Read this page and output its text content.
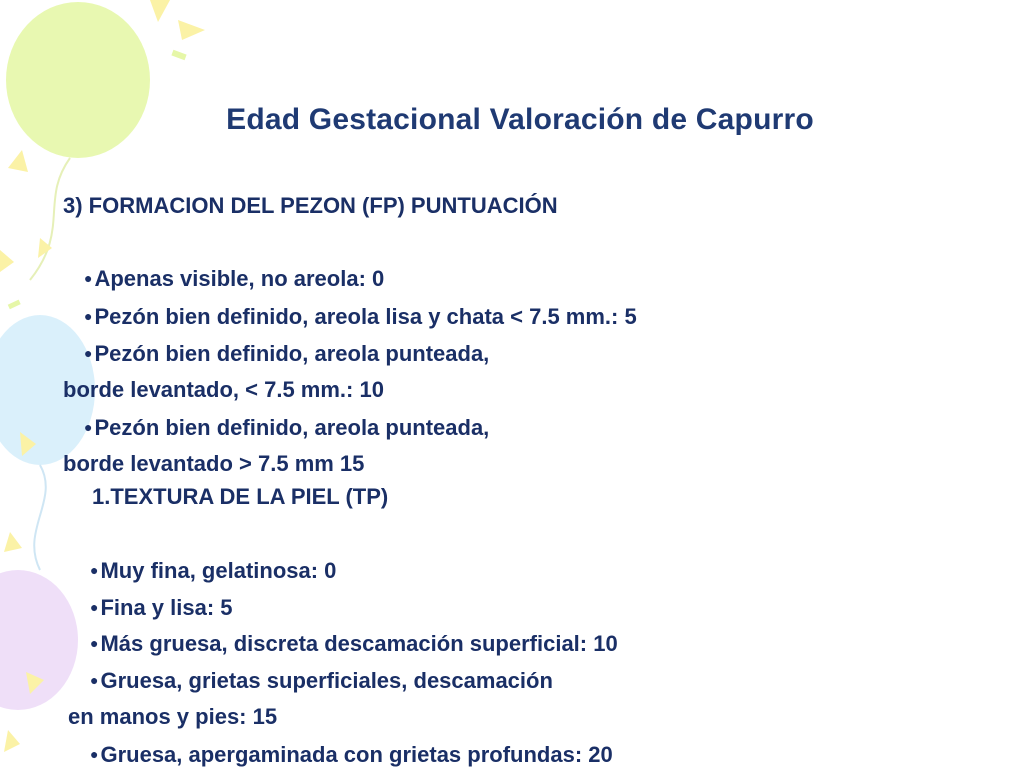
Edad Gestacional Valoración de Capurro
3) FORMACION DEL PEZON (FP) PUNTUACIÓN
●Apenas visible, no areola: 0
●Pezón bien definido, areola lisa y chata < 7.5 mm.: 5
●Pezón bien definido, areola punteada,
borde levantado, < 7.5 mm.: 10
●Pezón bien definido, areola punteada,
borde levantado > 7.5 mm 15
1.TEXTURA DE LA PIEL (TP)
●Muy fina, gelatinosa: 0
●Fina y lisa: 5
●Más gruesa, discreta descamación superficial: 10
●Gruesa, grietas superficiales, descamación
en manos y pies: 15
●Gruesa, apergaminada con grietas profundas: 20
